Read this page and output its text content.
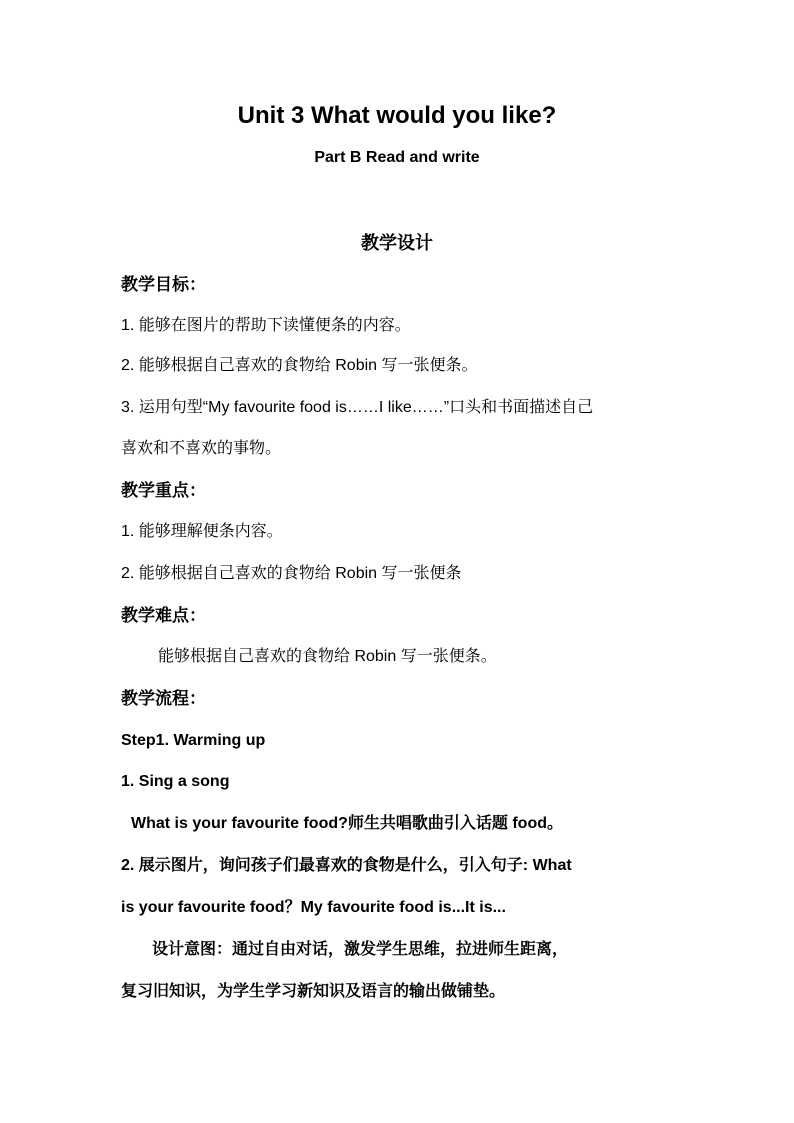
Unit 3 What would you like?
Part B Read and write
教学设计
教学目标：
1. 能够在图片的帮助下读懂便条的内容。
2. 能够根据自己喜欢的食物给 Robin 写一张便条。
3. 运用句型“My favourite food is……I like……”口头和书面描述自己
喜欢和不喜欢的事物。
教学重点：
1. 能够理解便条内容。
2. 能够根据自己喜欢的食物给 Robin 写一张便条
教学难点：
能够根据自己喜欢的食物给 Robin 写一张便条。
教学流程：
Step1. Warming up
1. Sing a song
What is your favourite food?师生共唱歌曲引入话题 food。
2. 展示图片，询问孩子们最喜欢的食物是什么，引入句子: What
is your favourite food？My favourite food is...It is...
设计意图：通过自由对话，激发学生思维，拉进师生距离，
复习旧知识，为学生学习新知识及语言的输出做铺垫。
